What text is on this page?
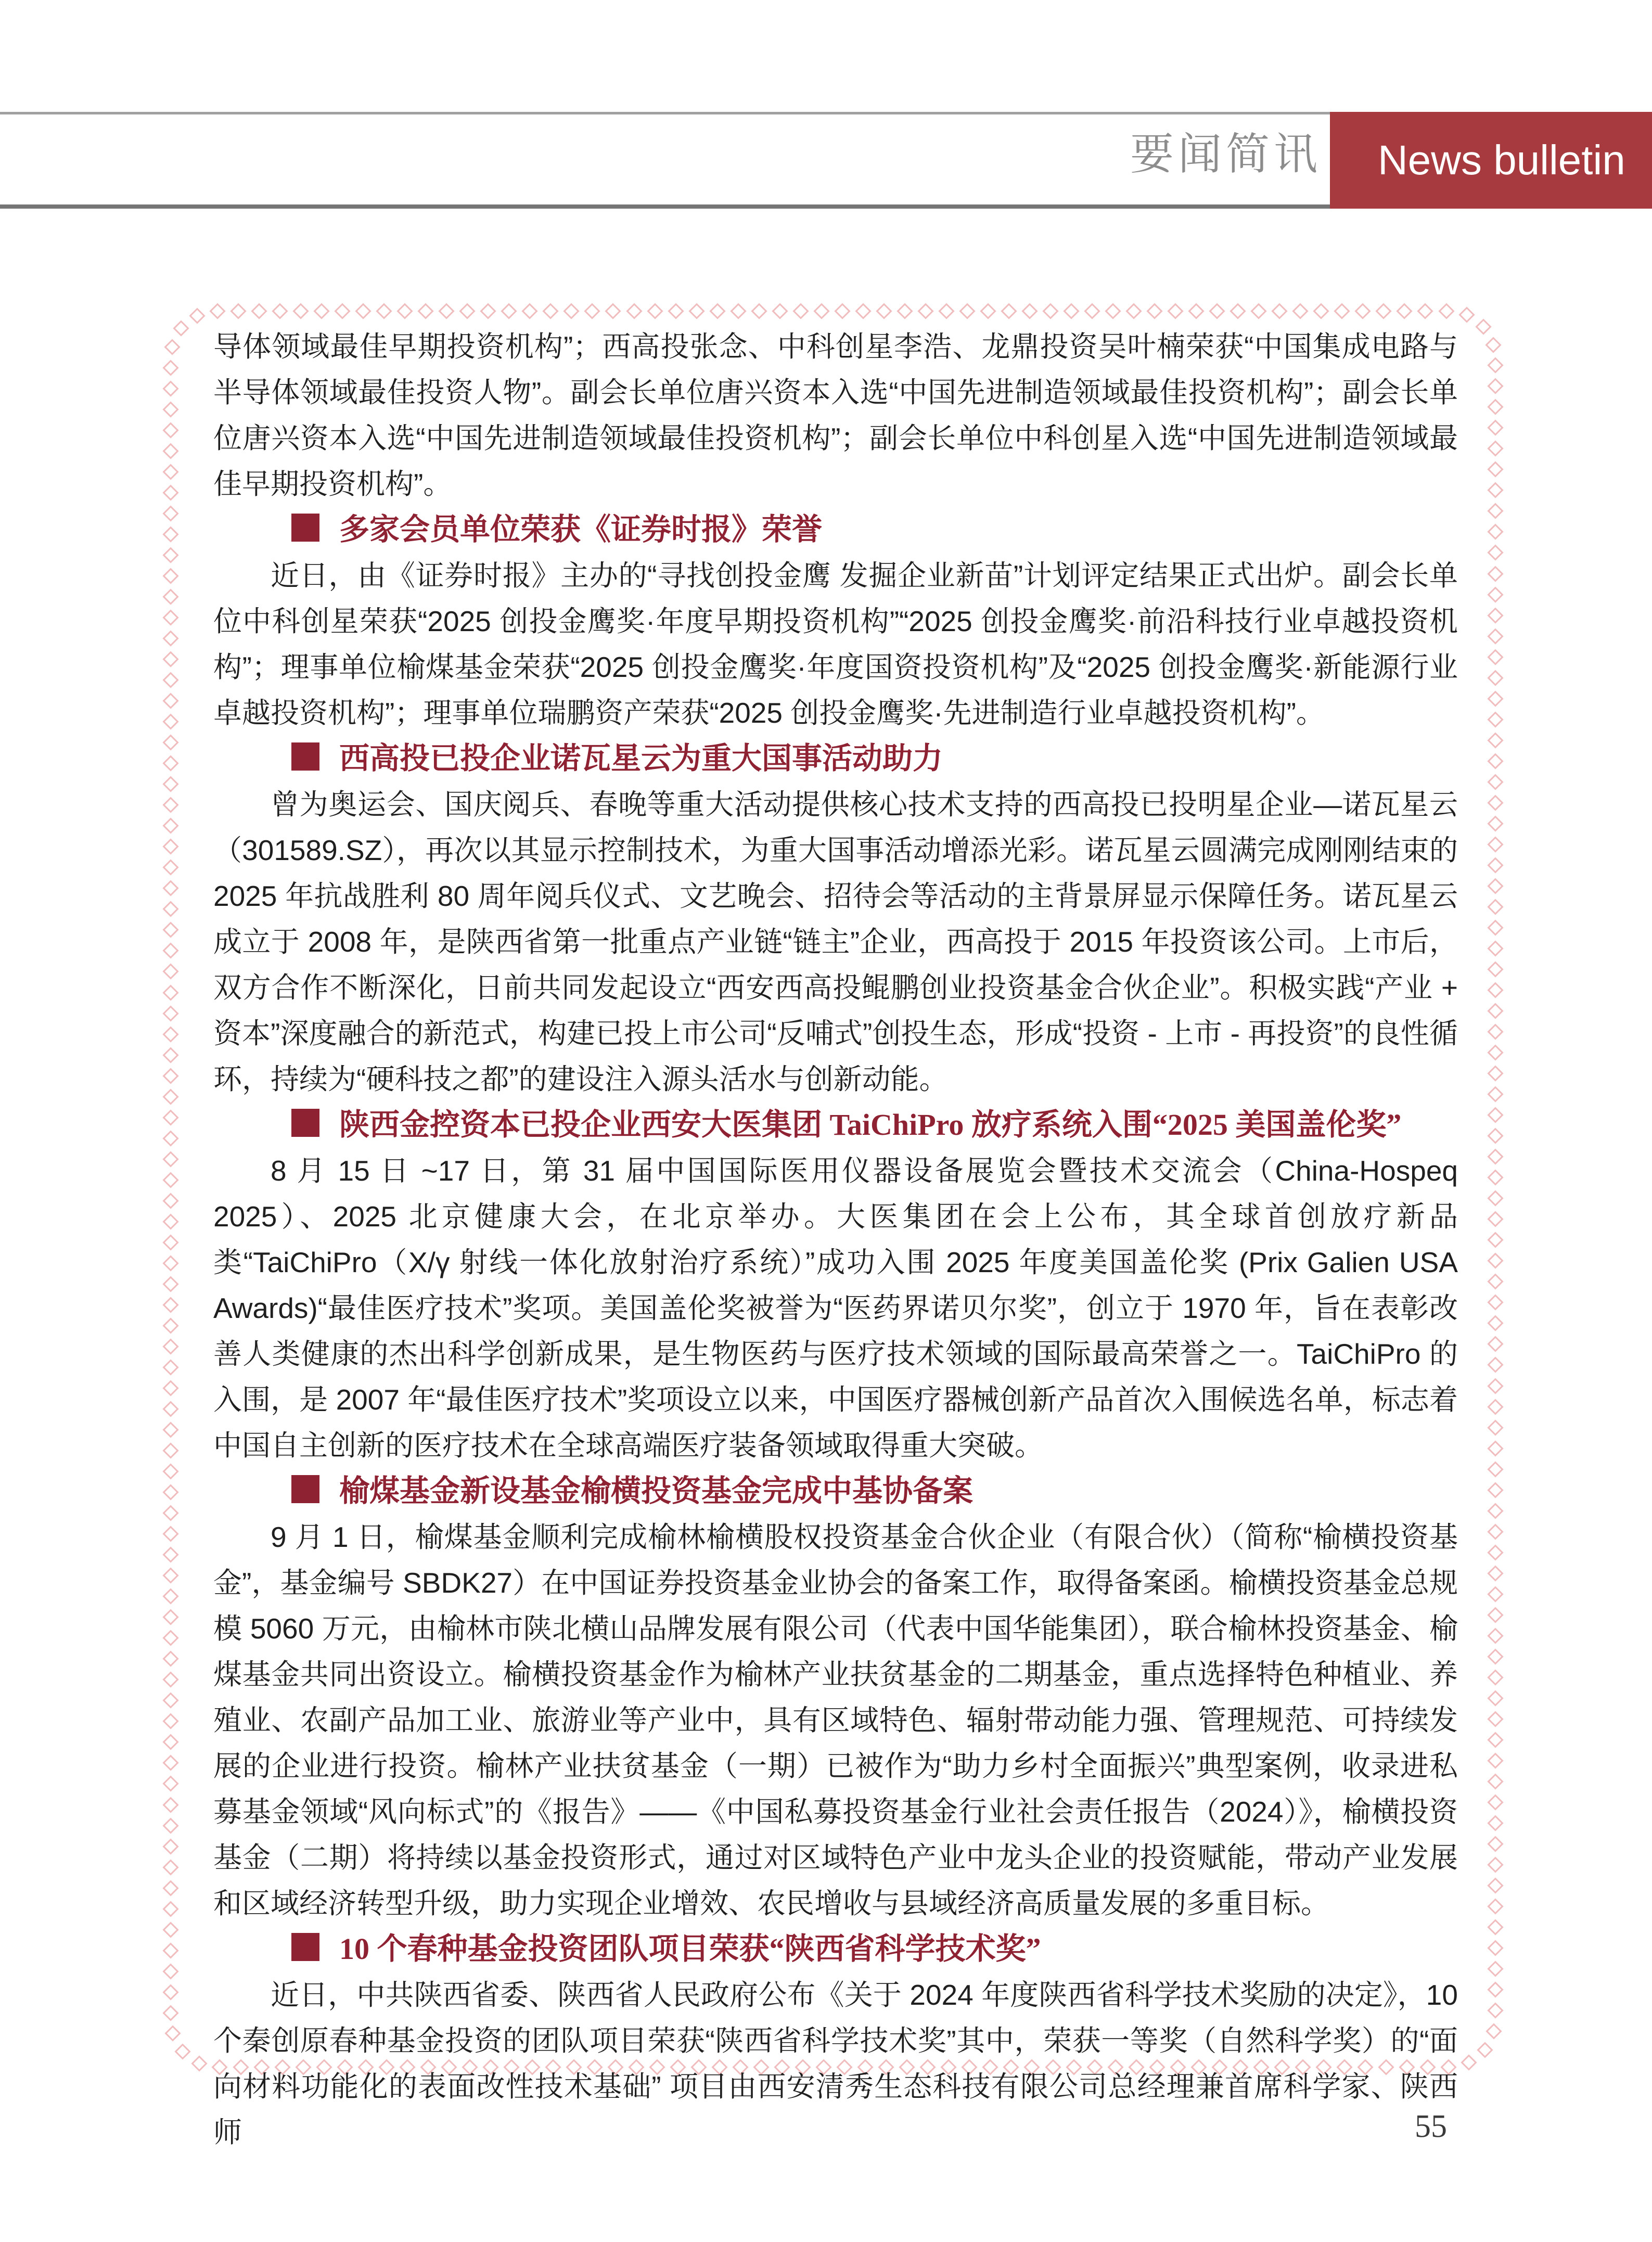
要闻简讯 News bulletin

导体领域最佳早期投资机构”；西高投张念、中科创星李浩、龙鼎投资吴叶楠荣获“中国集成电路与半导体领域最佳投资人物”。副会长单位唐兴资本入选“中国先进制造领域最佳投资机构”；副会长单位唐兴资本入选“中国先进制造领域最佳投资机构”；副会长单位中科创星入选“中国先进制造领域最佳早期投资机构”。

多家会员单位荣获《证券时报》荣誉

近日，由《证券时报》主办的“寻找创投金鹰 发掘企业新苗”计划评定结果正式出炉。副会长单位中科创星荣获“2025 创投金鹰奖·年度早期投资机构”“2025 创投金鹰奖·前沿科技行业卓越投资机构”；理事单位榆煤基金荣获“2025 创投金鹰奖·年度国资投资机构”及“2025 创投金鹰奖·新能源行业卓越投资机构”；理事单位瑞鹏资产荣获“2025 创投金鹰奖·先进制造行业卓越投资机构”。

西高投已投企业诺瓦星云为重大国事活动助力

曾为奥运会、国庆阅兵、春晚等重大活动提供核心技术支持的西高投已投明星企业—诺瓦星云（301589.SZ），再次以其显示控制技术，为重大国事活动增添光彩。诺瓦星云圆满完成刚刚结束的 2025 年抗战胜利 80 周年阅兵仪式、文艺晚会、招待会等活动的主背景屏显示保障任务。诺瓦星云成立于 2008 年，是陕西省第一批重点产业链“链主”企业，西高投于 2015 年投资该公司。上市后，双方合作不断深化，日前共同发起设立“西安西高投鲲鹏创业投资基金合伙企业”。积极实践“产业 + 资本”深度融合的新范式，构建已投上市公司“反哺式”创投生态，形成“投资 - 上市 - 再投资”的良性循环，持续为“硬科技之都”的建设注入源头活水与创新动能。

陕西金控资本已投企业西安大医集团 TaiChiPro 放疗系统入围“2025 美国盖伦奖”

8 月 15 日 ~17 日，第 31 届中国国际医用仪器设备展览会暨技术交流会（China-Hospeq 2025）、2025 北京健康大会，在北京举办。大医集团在会上公布，其全球首创放疗新品类“TaiChiPro（X/γ 射线一体化放射治疗系统）”成功入围 2025 年度美国盖伦奖 (Prix Galien USA Awards)“最佳医疗技术”奖项。美国盖伦奖被誉为“医药界诺贝尔奖”，创立于 1970 年，旨在表彰改善人类健康的杰出科学创新成果，是生物医药与医疗技术领域的国际最高荣誉之一。TaiChiPro 的入围，是 2007 年“最佳医疗技术”奖项设立以来，中国医疗器械创新产品首次入围候选名单，标志着中国自主创新的医疗技术在全球高端医疗装备领域取得重大突破。

榆煤基金新设基金榆横投资基金完成中基协备案

9 月 1 日，榆煤基金顺利完成榆林榆横股权投资基金合伙企业（有限合伙）（简称“榆横投资基金”，基金编号 SBDK27）在中国证券投资基金业协会的备案工作，取得备案函。榆横投资基金总规模 5060 万元，由榆林市陕北横山品牌发展有限公司（代表中国华能集团），联合榆林投资基金、榆煤基金共同出资设立。榆横投资基金作为榆林产业扶贫基金的二期基金，重点选择特色种植业、养殖业、农副产品加工业、旅游业等产业中，具有区域特色、辐射带动能力强、管理规范、可持续发展的企业进行投资。榆林产业扶贫基金（一期）已被作为“助力乡村全面振兴”典型案例，收录进私募基金领域“风向标式”的《报告》——《中国私募投资基金行业社会责任报告（2024）》，榆横投资基金（二期）将持续以基金投资形式，通过对区域特色产业中龙头企业的投资赋能，带动产业发展和区域经济转型升级，助力实现企业增效、农民增收与县域经济高质量发展的多重目标。

10 个春种基金投资团队项目荣获“陕西省科学技术奖”

近日，中共陕西省委、陕西省人民政府公布《关于 2024 年度陕西省科学技术奖励的决定》，10 个秦创原春种基金投资的团队项目荣获“陕西省科学技术奖”其中，荣获一等奖（自然科学奖）的“面向材料功能化的表面改性技术基础” 项目由西安清秀生态科技有限公司总经理兼首席科学家、陕西师	55
